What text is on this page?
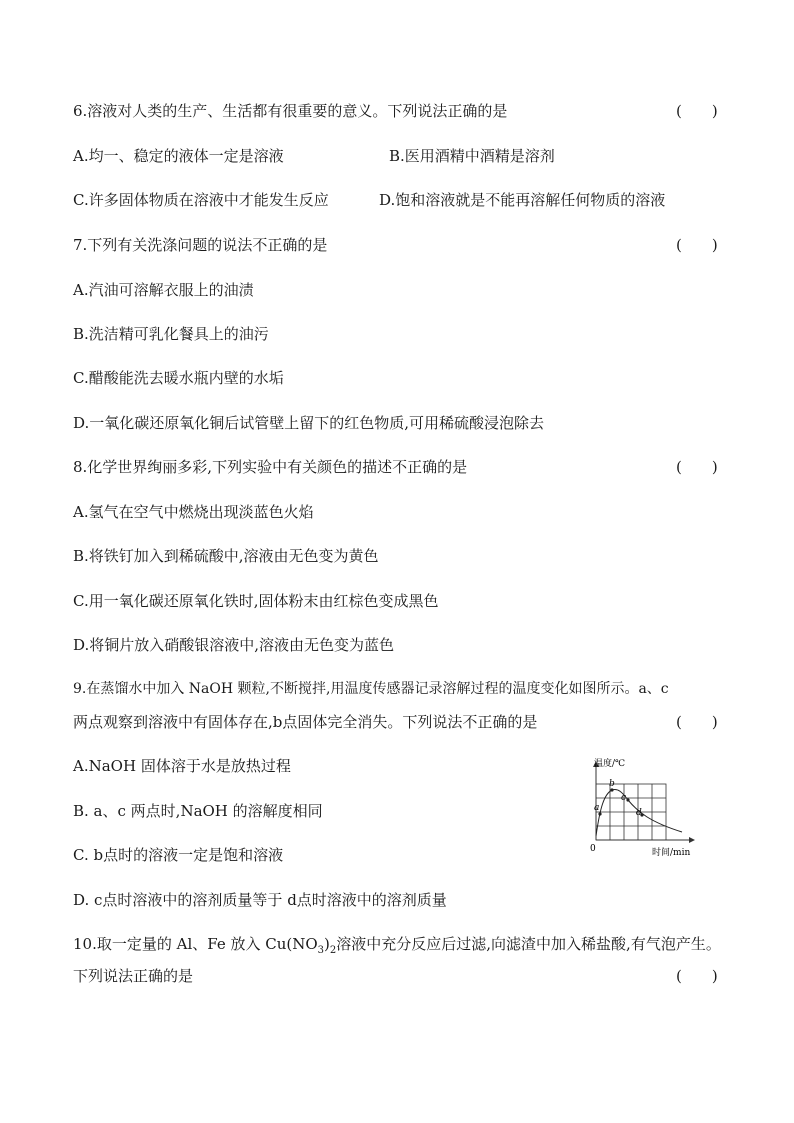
6.溶液对人类的生产、生活都有很重要的意义。下列说法正确的是	(　　)
A.均一、稳定的液体一定是溶液	B.医用酒精中酒精是溶剂
C.许多固体物质在溶液中才能发生反应	D.饱和溶液就是不能再溶解任何物质的溶液
7.下列有关洗涤问题的说法不正确的是	(　　)
A.汽油可溶解衣服上的油渍
B.洗洁精可乳化餐具上的油污
C.醋酸能洗去暖水瓶内壁的水垢
D.一氧化碳还原氧化铜后试管壁上留下的红色物质,可用稀硫酸浸泡除去
8.化学世界绚丽多彩,下列实验中有关颜色的描述不正确的是	(　　)
A.氢气在空气中燃烧出现淡蓝色火焰
B.将铁钉加入到稀硫酸中,溶液由无色变为黄色
C.用一氧化碳还原氧化铁时,固体粉末由红棕色变成黑色
D.将铜片放入硝酸银溶液中,溶液由无色变为蓝色
9.在蒸馏水中加入 NaOH 颗粒,不断搅拌,用温度传感器记录溶解过程的温度变化如图所示。a、c
两点观察到溶液中有固体存在,b点固体完全消失。下列说法不正确的是	(　　)
A.NaOH 固体溶于水是放热过程
B. a、c 两点时,NaOH 的溶解度相同
C. b点时的溶液一定是饱和溶液
D. c点时溶液中的溶剂质量等于 d点时溶液中的溶剂质量
a
b
c
d
温度/℃
0	时间/min
10.取一定量的 Al、Fe 放入 $Cu(NO_3)_2$溶液中充分反应后过滤,向滤渣中加入稀盐酸,有气泡产生。
下列说法正确的是	(　　)
